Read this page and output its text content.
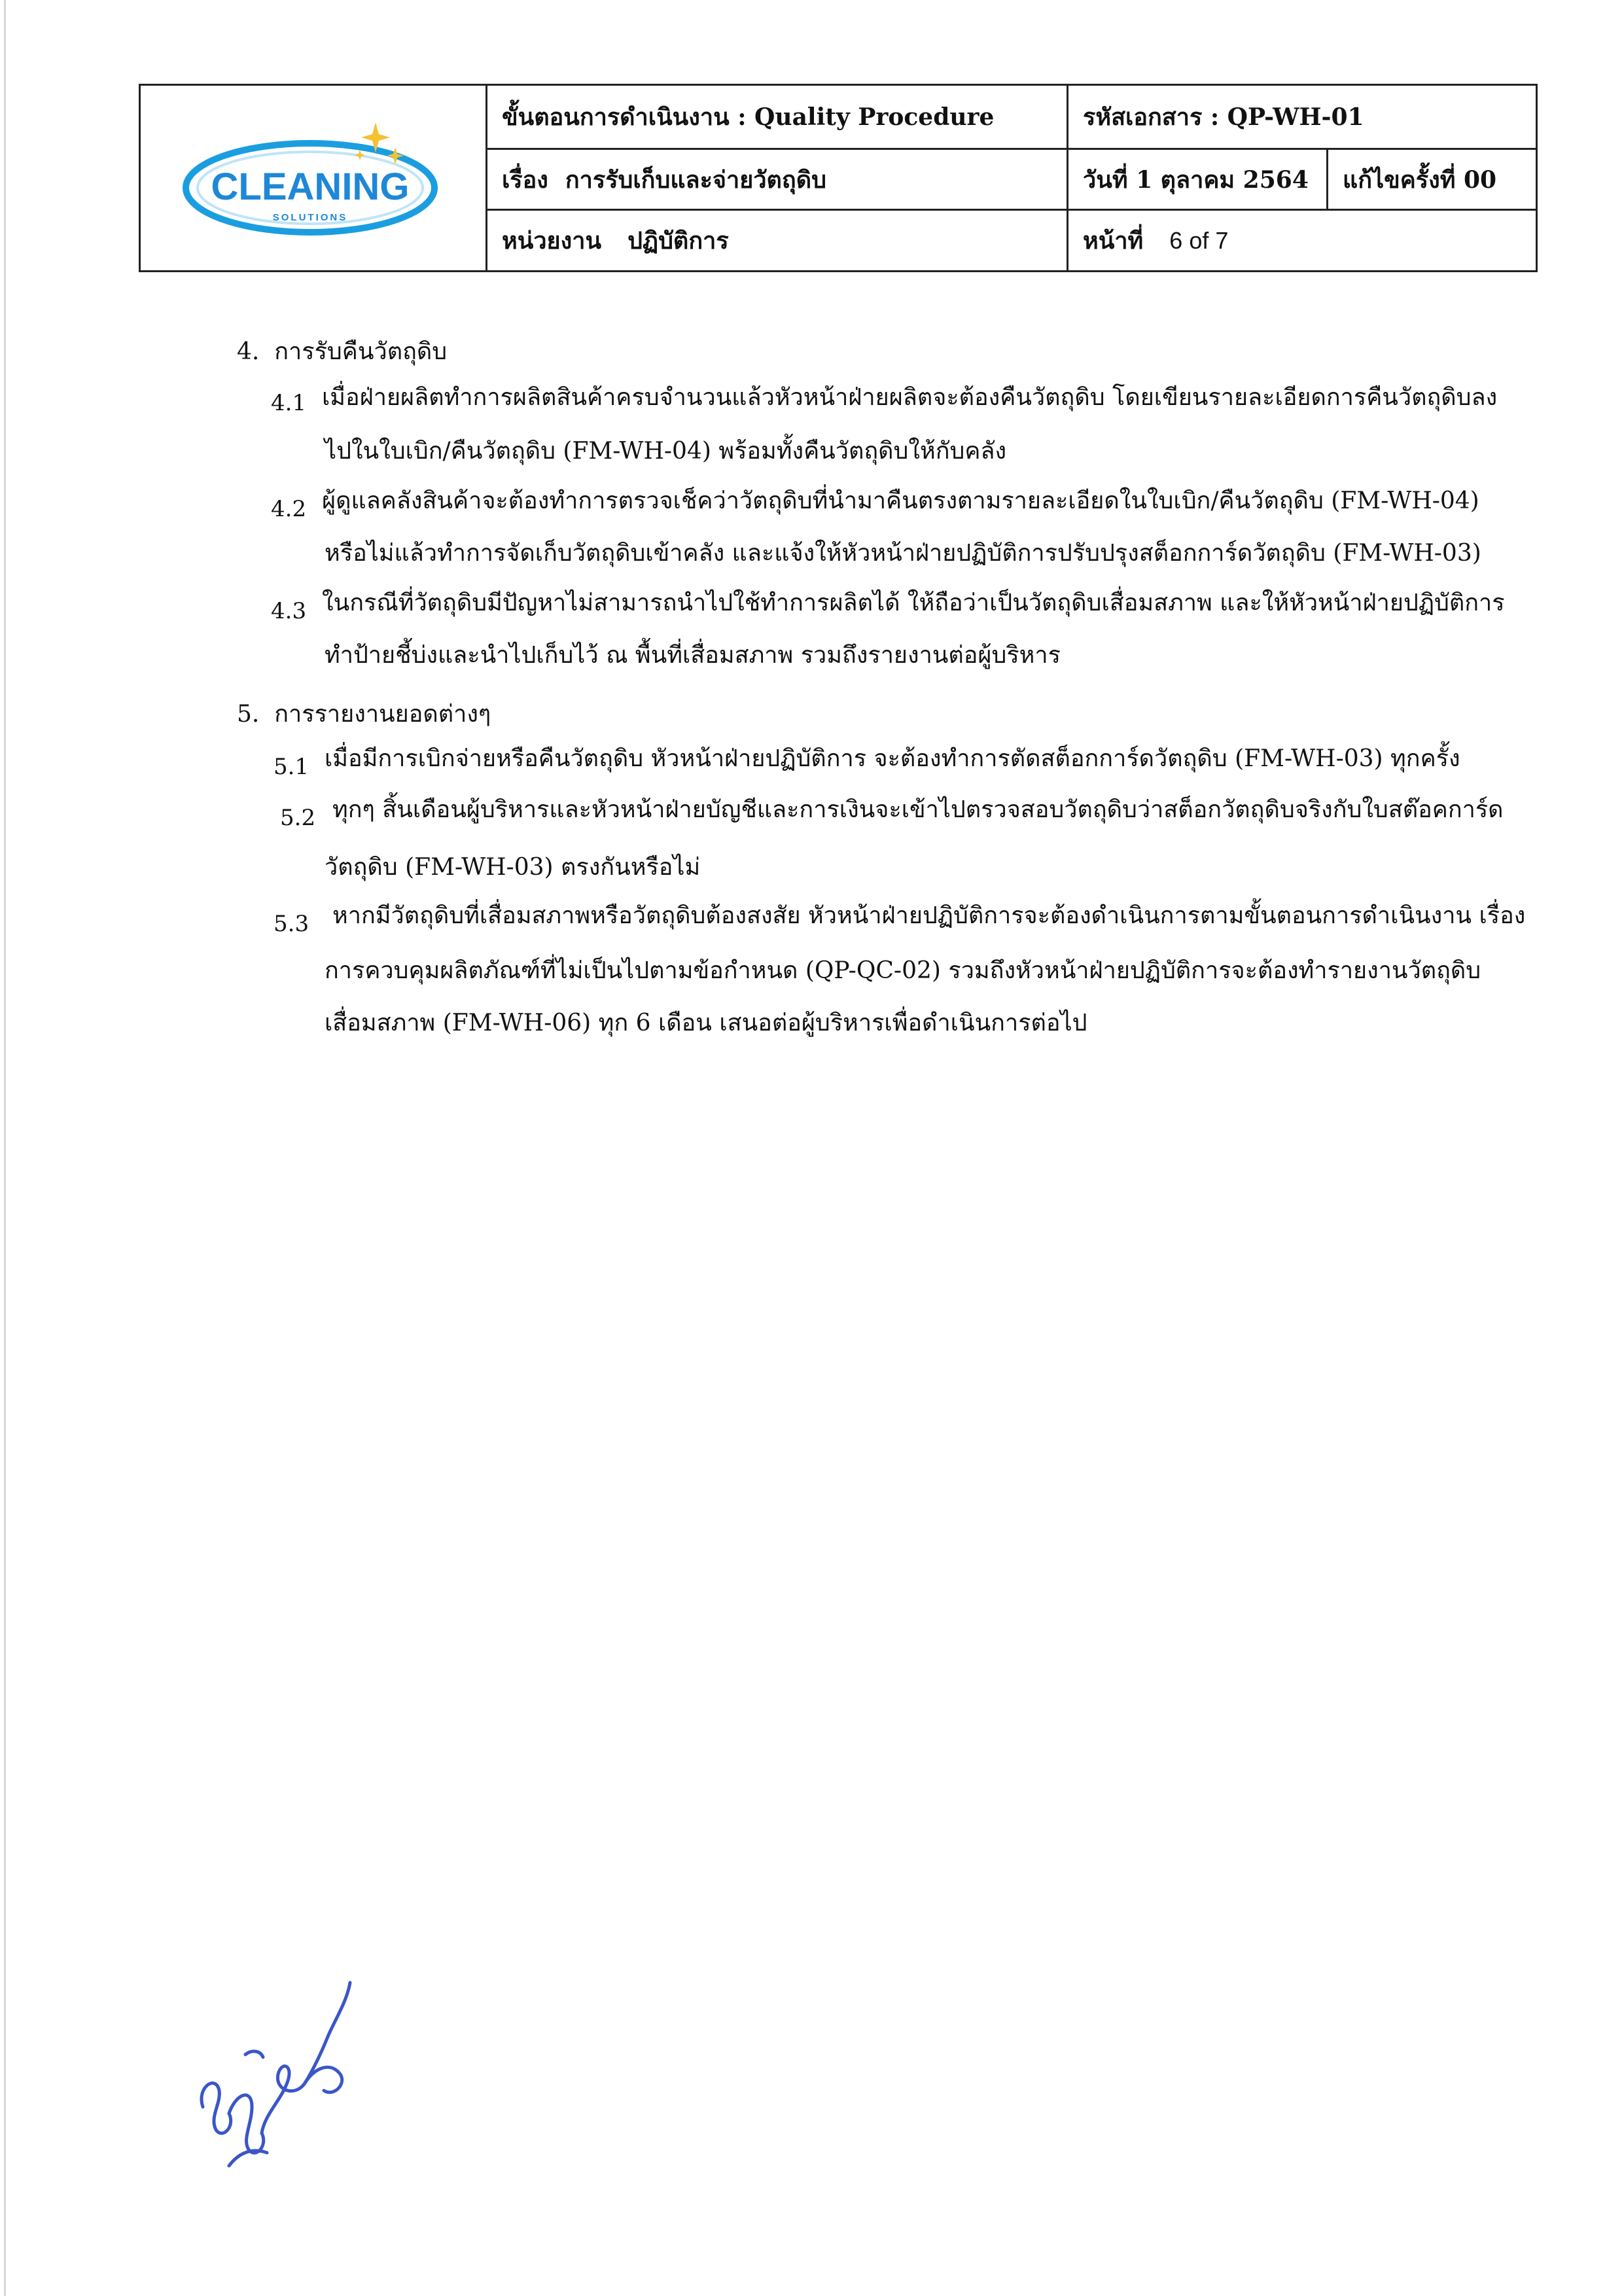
CLEANING
SOLUTIONS
ขั้นตอนการดำเนินงาน : Quality Procedure	รหัสเอกสาร : QP-WH-01
เรื่อง การรับเก็บและจ่ายวัตถุดิบ	วันที่ 1 ตุลาคม 2564	แก้ไขครั้งที่ 00
หน่วยงาน ปฏิบัติการ	หน้าที่ 6 of 7
4. การรับคืนวัตถุดิบ
4.1 เมื่อฝ่ายผลิตทำการผลิตสินค้าครบจำนวนแล้วหัวหน้าฝ่ายผลิตจะต้องคืนวัตถุดิบ โดยเขียนรายละเอียดการคืนวัตถุดิบลง
ไปในใบเบิก/คืนวัตถุดิบ (FM-WH-04) พร้อมทั้งคืนวัตถุดิบให้กับคลัง
4.2 ผู้ดูแลคลังสินค้าจะต้องทำการตรวจเช็คว่าวัตถุดิบที่นำมาคืนตรงตามรายละเอียดในใบเบิก/คืนวัตถุดิบ (FM-WH-04)
หรือไม่แล้วทำการจัดเก็บวัตถุดิบเข้าคลัง และแจ้งให้หัวหน้าฝ่ายปฏิบัติการปรับปรุงสต็อกการ์ดวัตถุดิบ (FM-WH-03)
4.3 ในกรณีที่วัตถุดิบมีปัญหาไม่สามารถนำไปใช้ทำการผลิตได้ ให้ถือว่าเป็นวัตถุดิบเสื่อมสภาพ และให้หัวหน้าฝ่ายปฏิบัติการ
ทำป้ายชี้บ่งและนำไปเก็บไว้ ณ พื้นที่เสื่อมสภาพ รวมถึงรายงานต่อผู้บริหาร
5. การรายงานยอดต่างๆ
5.1 เมื่อมีการเบิกจ่ายหรือคืนวัตถุดิบ หัวหน้าฝ่ายปฏิบัติการ จะต้องทำการตัดสต็อกการ์ดวัตถุดิบ (FM-WH-03) ทุกครั้ง
5.2 ทุกๆ สิ้นเดือนผู้บริหารและหัวหน้าฝ่ายบัญชีและการเงินจะเข้าไปตรวจสอบวัตถุดิบว่าสต็อกวัตถุดิบจริงกับใบสต๊อคการ์ด
วัตถุดิบ (FM-WH-03) ตรงกันหรือไม่
5.3 หากมีวัตถุดิบที่เสื่อมสภาพหรือวัตถุดิบต้องสงสัย หัวหน้าฝ่ายปฏิบัติการจะต้องดำเนินการตามขั้นตอนการดำเนินงาน เรื่อง
การควบคุมผลิตภัณฑ์ที่ไม่เป็นไปตามข้อกำหนด (QP-QC-02) รวมถึงหัวหน้าฝ่ายปฏิบัติการจะต้องทำรายงานวัตถุดิบ
เสื่อมสภาพ (FM-WH-06) ทุก 6 เดือน เสนอต่อผู้บริหารเพื่อดำเนินการต่อไป
